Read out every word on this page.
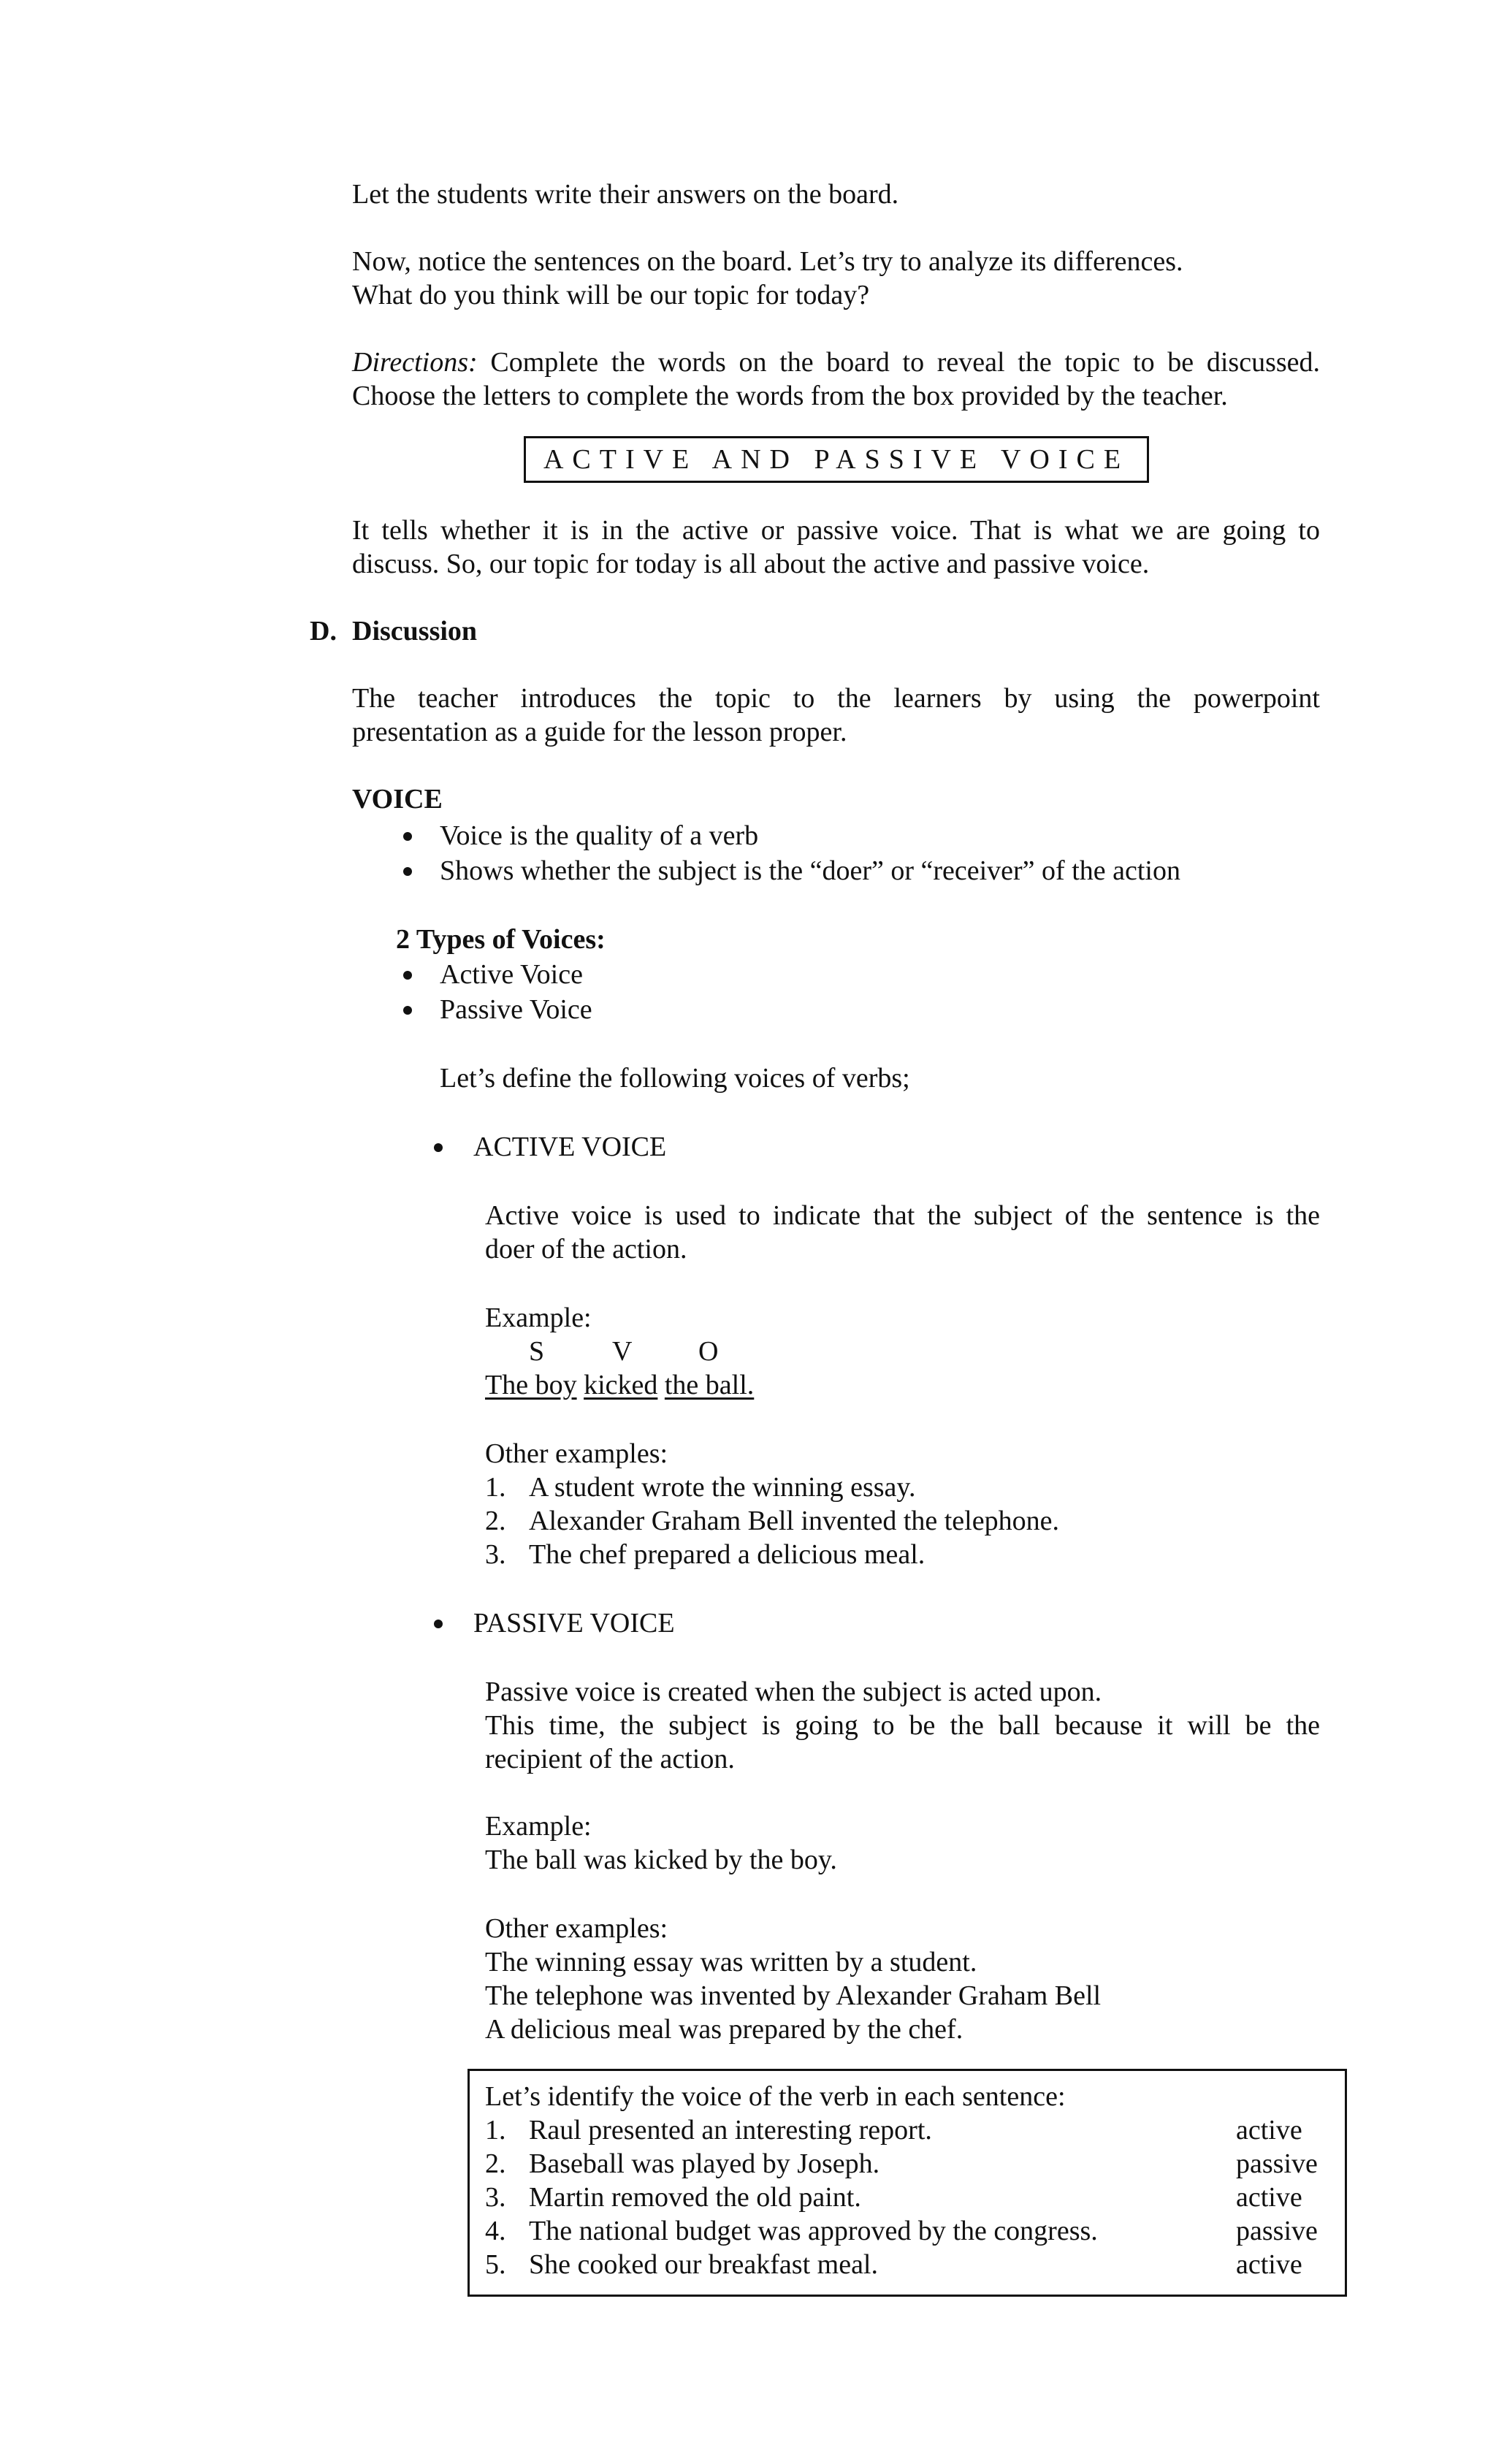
Let the students write their answers on the board.
Now, notice the sentences on the board. Let’s try to analyze its differences.
What do you think will be our topic for today?
Directions: Complete the words on the board to reveal the topic to be discussed.
Choose the letters to complete the words from the box provided by the teacher.
ACTIVE AND PASSIVE VOICE
It tells whether it is in the active or passive voice. That is what we are going to
discuss. So, our topic for today is all about the active and passive voice.
D. Discussion
The teacher introduces the topic to the learners by using the powerpoint
presentation as a guide for the lesson proper.
VOICE
Voice is the quality of a verb
Shows whether the subject is the “doer” or “receiver” of the action
2 Types of Voices:
Active Voice
Passive Voice
Let’s define the following voices of verbs;
ACTIVE VOICE
Active voice is used to indicate that the subject of the sentence is the
doer of the action.
Example:
S V O
The boy kicked the ball.
Other examples:
1. A student wrote the winning essay.
2. Alexander Graham Bell invented the telephone.
3. The chef prepared a delicious meal.
PASSIVE VOICE
Passive voice is created when the subject is acted upon.
This time, the subject is going to be the ball because it will be the
recipient of the action.
Example:
The ball was kicked by the boy.
Other examples:
The winning essay was written by a student.
The telephone was invented by Alexander Graham Bell
A delicious meal was prepared by the chef.
Let’s identify the voice of the verb in each sentence:
1. Raul presented an interesting report.	active
2. Baseball was played by Joseph.	passive
3. Martin removed the old paint.	active
4. The national budget was approved by the congress.	passive
5. She cooked our breakfast meal.	active
